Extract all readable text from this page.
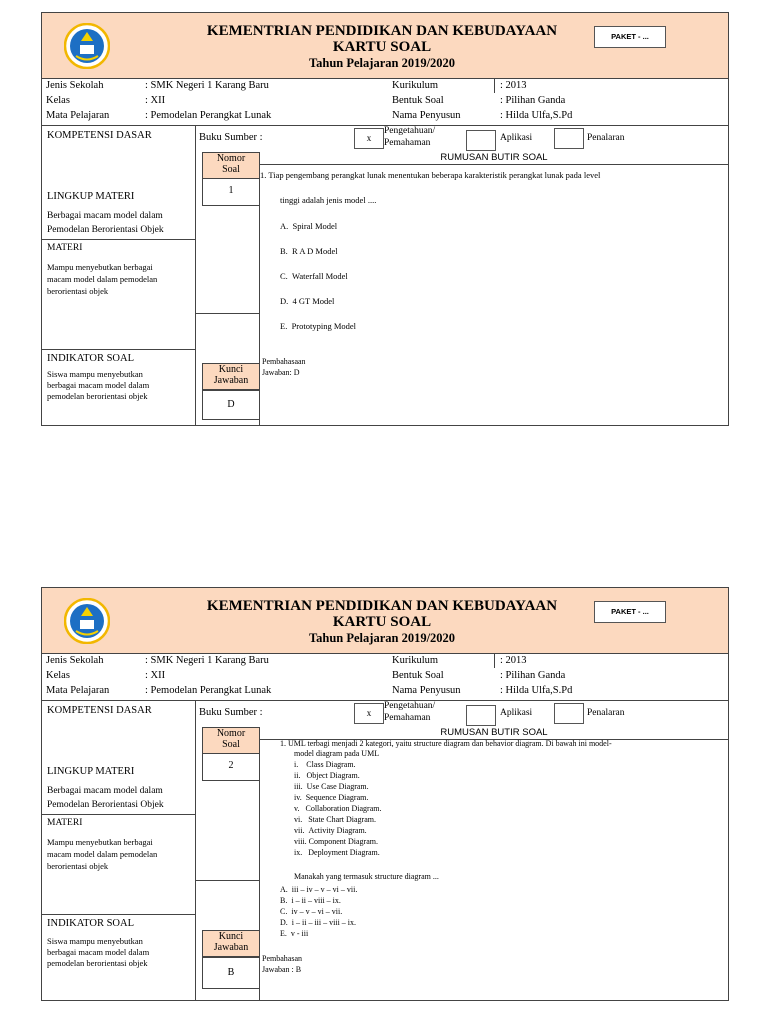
KEMENTRIAN PENDIDIKAN DAN KEBUDAYAAN
KARTU SOAL
Tahun Pelajaran 2019/2020
PAKET - ...
Jenis Sekolah	: SMK Negeri 1 Karang Baru
Kelas	: XII
Mata Pelajaran	: Pemodelan Perangkat Lunak
Kurikulum	: 2013
Bentuk Soal	: Pilihan Ganda
Nama Penyusun	: Hilda Ulfa,S.Pd
KOMPETENSI DASAR	Buku Sumber :	x
Pengetahuan/
Pemahaman	Aplikasi	Penalaran
Nomor
Soal
1
RUMUSAN BUTIR SOAL
LINGKUP MATERI
Berbagai macam model dalam
Pemodelan Berorientasi Objek
MATERI
Mampu menyebutkan berbagai
macam model dalam pemodelan
berorientasi objek
INDIKATOR SOAL
Siswa mampu menyebutkan
berbagai macam model dalam
pemodelan berorientasi objek
Kunci
Jawaban
D
1. Tiap pengembang perangkat lunak menentukan beberapa karakteristik perangkat lunak pada level
tinggi adalah jenis model ....
A. Spiral Model
B. R A D Model
C. Waterfall Model
D. 4 GT Model
E. Prototyping Model
Pembahasaan
Jawaban: D
KEMENTRIAN PENDIDIKAN DAN KEBUDAYAAN
KARTU SOAL
Tahun Pelajaran 2019/2020
PAKET - ...
Jenis Sekolah	: SMK Negeri 1 Karang Baru
Kelas	: XII
Mata Pelajaran	: Pemodelan Perangkat Lunak
Kurikulum	: 2013
Bentuk Soal	: Pilihan Ganda
Nama Penyusun	: Hilda Ulfa,S.Pd
KOMPETENSI DASAR	Buku Sumber :	x
Pengetahuan/
Pemahaman	Aplikasi	Penalaran
Nomor
Soal
2
RUMUSAN BUTIR SOAL
LINGKUP MATERI
Berbagai macam model dalam
Pemodelan Berorientasi Objek
MATERI
Mampu menyebutkan berbagai
macam model dalam pemodelan
berorientasi objek
INDIKATOR SOAL
Siswa mampu menyebutkan
berbagai macam model dalam
pemodelan berorientasi objek
Kunci
Jawaban
B
1. UML terbagi menjadi 2 kategori, yaitu structure diagram dan behavior diagram. Di bawah ini model-
model diagram pada UML
i. Class Diagram.
ii. Object Diagram.
iii. Use Case Diagram.
iv. Sequence Diagram.
v. Collaboration Diagram.
vi. State Chart Diagram.
vii. Activity Diagram.
viii. Component Diagram.
ix. Deployment Diagram.
Manakah yang termasuk structure diagram ...
A. iii – iv – v – vi – vii.
B. i – ii – viii – ix.
C. iv – v – vi – vii.
D. i – ii – iii – viii – ix.
E. v - iii
Pembahasan
Jawaban : B
